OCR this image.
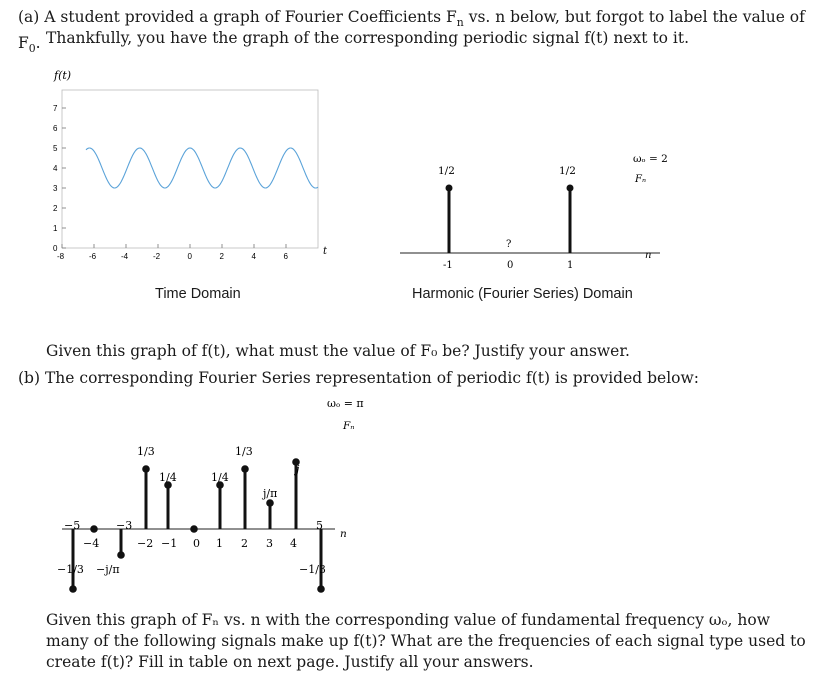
(a) A student provided a graph of Fourier Coefficients $F_n$ vs. n below, but forgot to label the value of $F_0$. Thankfully, you have the graph of the corresponding periodic signal f(t) next to it.
f(t)
0
1
2
3
4
5
6
7
-8	-6	-4	-2	0	2	4	6	t
Time Domain
1/2	1/2
?
-1	0	1
ωₒ = 2
Fₙ
n
Harmonic (Fourier Series) Domain
Given this graph of f(t), what must the value of F₀ be? Justify your answer.
(b) The corresponding Fourier Series representation of periodic f(t) is provided below:
1/3	1/3
1/4	1/4
j/π
j
−1/3 −j/π	−1/3
−5
−4
−3
−2 −1 0 1 2 3 4
5
ωₒ = π
Fₙ
n
Given this graph of Fₙ vs. n with the corresponding value of fundamental frequency ωₒ, how many of the following signals make up f(t)? What are the frequencies of each signal type used to create f(t)? Fill in table on next page. Justify all your answers.
